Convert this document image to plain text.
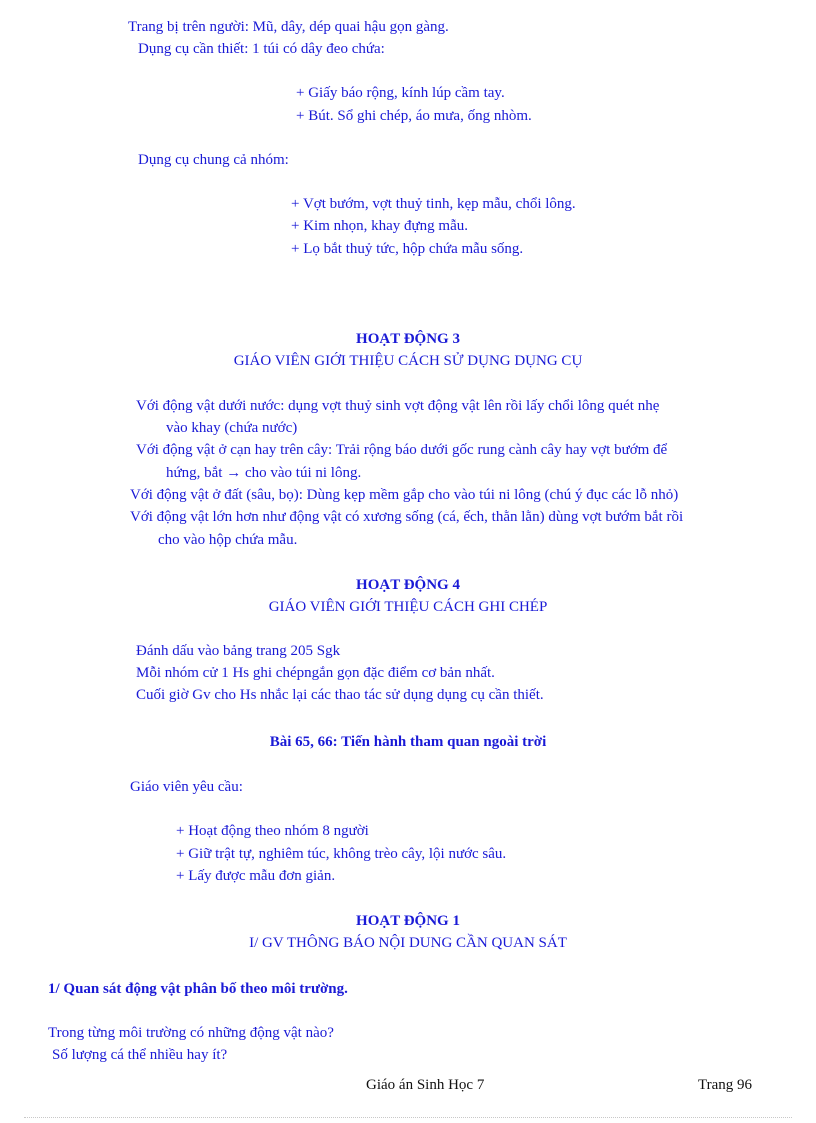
Trang bị trên người: Mũ, dây, dép quai hậu gọn gàng.
Dụng cụ cần thiết: 1 túi có dây đeo chứa:
+ Giấy báo rộng, kính lúp cầm tay.
+ Bút. Sổ ghi chép, áo mưa, ống nhòm.
Dụng cụ chung cả nhóm:
+ Vợt bướm, vợt thuỷ tinh, kẹp mẫu, chổi lông.
+ Kim nhọn, khay đựng mẫu.
+ Lọ bắt thuỷ tức, hộp chứa mẫu sống.
HOẠT ĐỘNG 3
GIÁO VIÊN GIỚI THIỆU CÁCH SỬ DỤNG DỤNG CỤ
Với động vật dưới nước: dụng vợt thuỷ sinh vợt động vật lên rồi lấy chổi lông quét nhẹ
vào khay (chứa nước)
Với động vật ở cạn hay trên cây: Trải rộng báo dưới gốc rung cành cây hay vợt bướm để
hứng, bắt → cho vào túi ni lông.
Với động vật ở đất (sâu, bọ): Dùng kẹp mềm gắp cho vào túi ni lông (chú ý đục các lỗ nhỏ)
Với động vật lớn hơn như động vật có xương sống (cá, ếch, thằn lằn) dùng vợt bướm bắt rồi
cho vào hộp chứa mẫu.
HOẠT ĐỘNG 4
GIÁO VIÊN GIỚI THIỆU CÁCH GHI CHÉP
Đánh dấu vào bảng trang 205 Sgk
Mỗi nhóm cử 1 Hs ghi chépngắn gọn đặc điểm cơ bản nhất.
Cuối giờ Gv cho Hs nhắc lại các thao tác sử dụng dụng cụ cần thiết.
Bài 65, 66: Tiến hành tham quan ngoài trời
Giáo viên yêu cầu:
+ Hoạt động theo nhóm 8 người
+ Giữ trật tự, nghiêm túc, không trèo cây, lội nước sâu.
+ Lấy được mẫu đơn giản.
HOẠT ĐỘNG 1
I/ GV THÔNG BÁO NỘI DUNG CẦN QUAN SÁT
1/ Quan sát động vật phân bố theo môi trường.
Trong từng môi trường có những động vật nào?
Số lượng cá thể nhiều hay ít?
Giáo án Sinh Học 7	Trang 96
